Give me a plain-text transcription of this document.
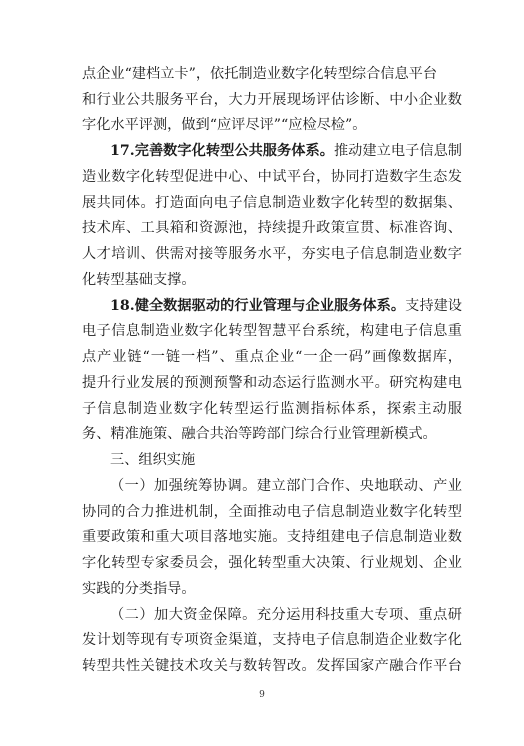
点企业“建档立卡”，依托制造业数字化转型综合信息平台
和行业公共服务平台，大力开展现场评估诊断、中小企业数
字化水平评测，做到“应评尽评”“应检尽检”。
17.完善数字化转型公共服务体系。推动建立电子信息制
造业数字化转型促进中心、中试平台，协同打造数字生态发
展共同体。打造面向电子信息制造业数字化转型的数据集、
技术库、工具箱和资源池，持续提升政策宣贯、标准咨询、
人才培训、供需对接等服务水平，夯实电子信息制造业数字
化转型基础支撑。
18.健全数据驱动的行业管理与企业服务体系。支持建设
电子信息制造业数字化转型智慧平台系统，构建电子信息重
点产业链“一链一档”、重点企业“一企一码”画像数据库，
提升行业发展的预测预警和动态运行监测水平。研究构建电
子信息制造业数字化转型运行监测指标体系，探索主动服
务、精准施策、融合共治等跨部门综合行业管理新模式。
三、组织实施
（一）加强统筹协调。建立部门合作、央地联动、产业
协同的合力推进机制，全面推动电子信息制造业数字化转型
重要政策和重大项目落地实施。支持组建电子信息制造业数
字化转型专家委员会，强化转型重大决策、行业规划、企业
实践的分类指导。
（二）加大资金保障。充分运用科技重大专项、重点研
发计划等现有专项资金渠道，支持电子信息制造企业数字化
转型共性关键技术攻关与数转智改。发挥国家产融合作平台
9
